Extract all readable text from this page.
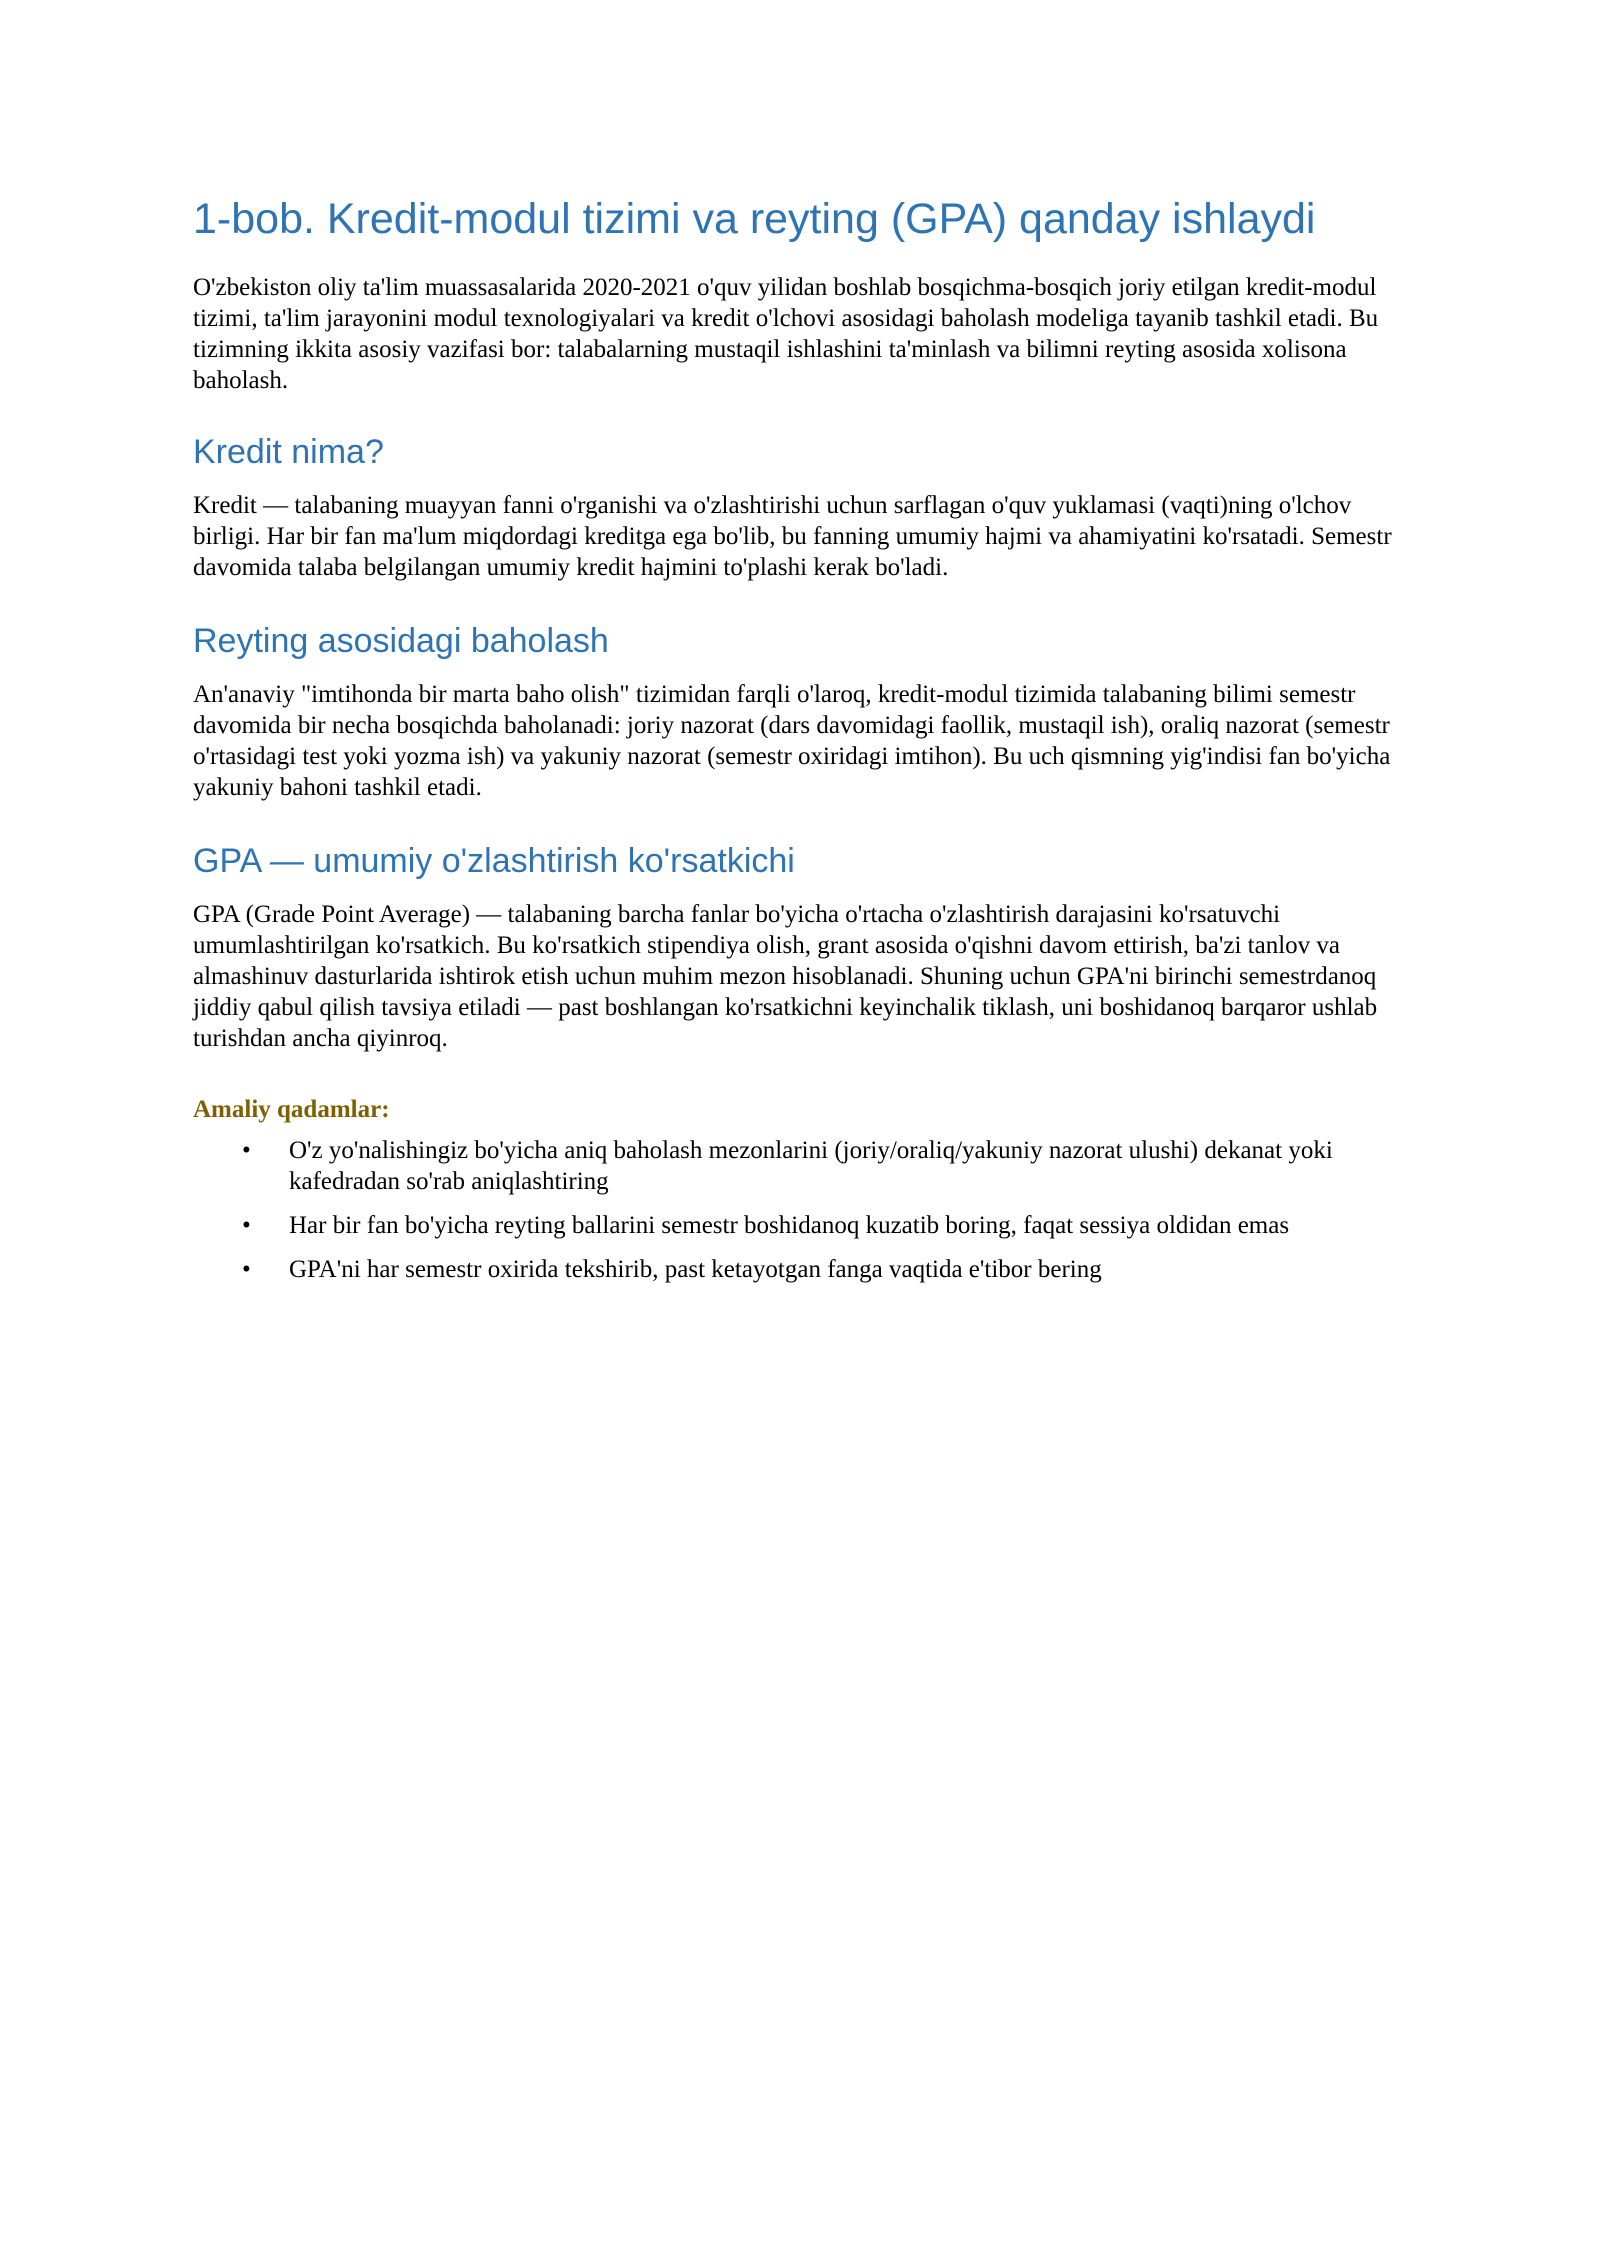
1-bob. Kredit-modul tizimi va reyting (GPA) qanday ishlaydi

O'zbekiston oliy ta'lim muassasalarida 2020-2021 o'quv yilidan boshlab bosqichma-bosqich joriy etilgan kredit-modul tizimi, ta'lim jarayonini modul texnologiyalari va kredit o'lchovi asosidagi baholash modeliga tayanib tashkil etadi. Bu tizimning ikkita asosiy vazifasi bor: talabalarning mustaqil ishlashini ta'minlash va bilimni reyting asosida xolisona baholash.

Kredit nima?

Kredit — talabaning muayyan fanni o'rganishi va o'zlashtirishi uchun sarflagan o'quv yuklamasi (vaqti)ning o'lchov birligi. Har bir fan ma'lum miqdordagi kreditga ega bo'lib, bu fanning umumiy hajmi va ahamiyatini ko'rsatadi. Semestr davomida talaba belgilangan umumiy kredit hajmini to'plashi kerak bo'ladi.

Reyting asosidagi baholash

An'anaviy "imtihonda bir marta baho olish" tizimidan farqli o'laroq, kredit-modul tizimida talabaning bilimi semestr davomida bir necha bosqichda baholanadi: joriy nazorat (dars davomidagi faollik, mustaqil ish), oraliq nazorat (semestr o'rtasidagi test yoki yozma ish) va yakuniy nazorat (semestr oxiridagi imtihon). Bu uch qismning yig'indisi fan bo'yicha yakuniy bahoni tashkil etadi.

GPA — umumiy o'zlashtirish ko'rsatkichi

GPA (Grade Point Average) — talabaning barcha fanlar bo'yicha o'rtacha o'zlashtirish darajasini ko'rsatuvchi umumlashtirilgan ko'rsatkich. Bu ko'rsatkich stipendiya olish, grant asosida o'qishni davom ettirish, ba'zi tanlov va almashinuv dasturlarida ishtirok etish uchun muhim mezon hisoblanadi. Shuning uchun GPA'ni birinchi semestrdanoq jiddiy qabul qilish tavsiya etiladi — past boshlangan ko'rsatkichni keyinchalik tiklash, uni boshidanoq barqaror ushlab turishdan ancha qiyinroq.

Amaliy qadamlar:
• O'z yo'nalishingiz bo'yicha aniq baholash mezonlarini (joriy/oraliq/yakuniy nazorat ulushi) dekanat yoki kafedradan so'rab aniqlashtiring
• Har bir fan bo'yicha reyting ballarini semestr boshidanoq kuzatib boring, faqat sessiya oldidan emas
• GPA'ni har semestr oxirida tekshirib, past ketayotgan fanga vaqtida e'tibor bering
